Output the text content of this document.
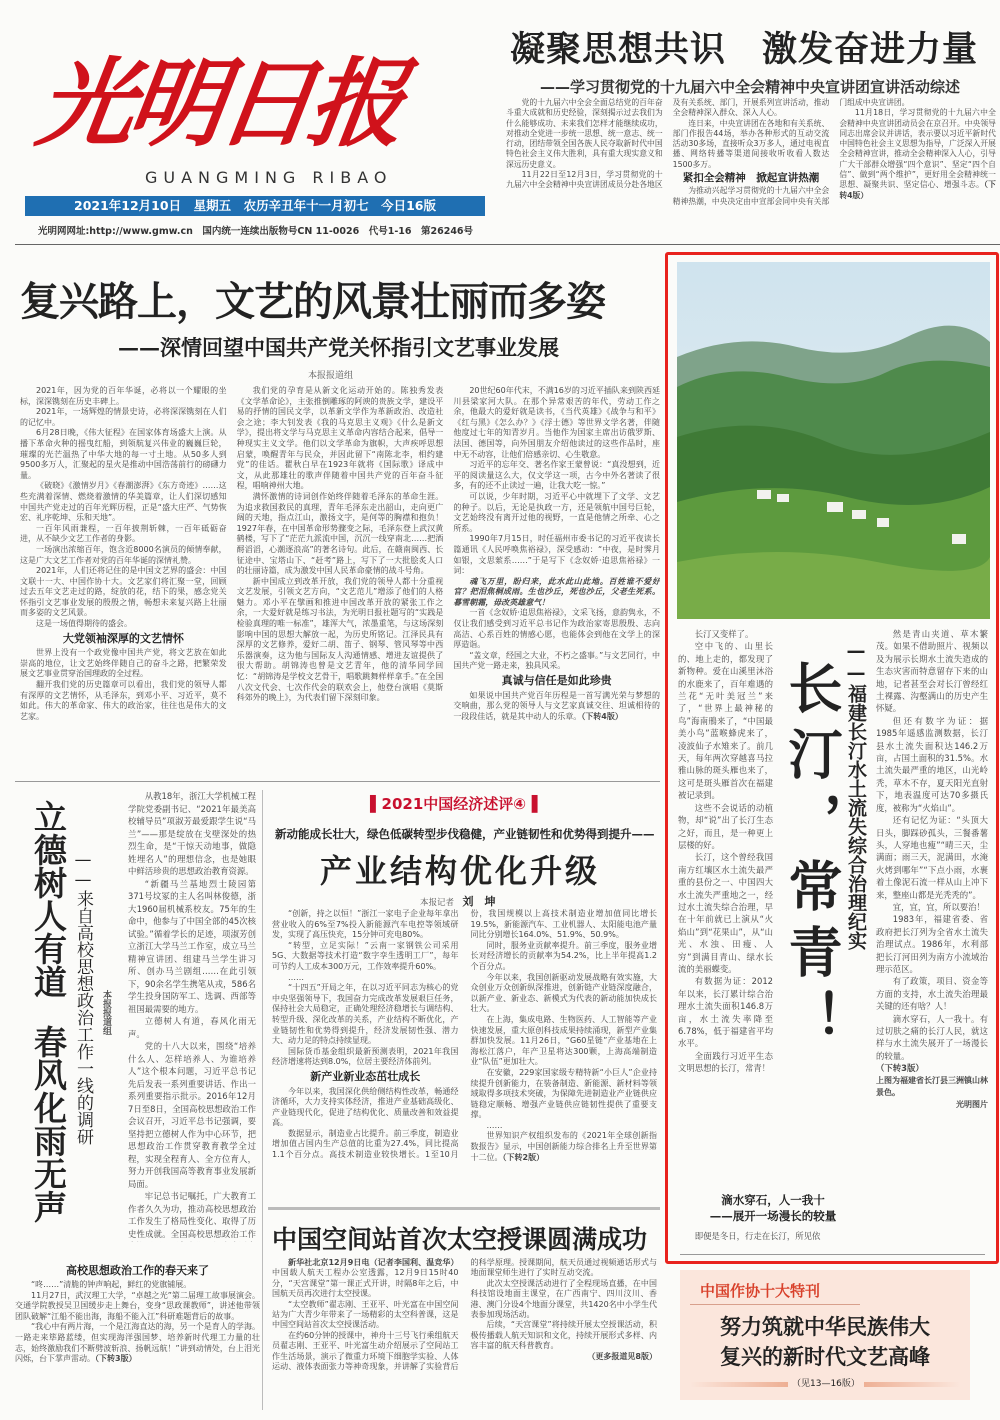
光明日报
GUANGMING RIBAO
2021年12月10日　星期五　农历辛丑年十一月初七　今日16版
光明网网址:http://www.gmw.cn　国内统一连续出版物号CN 11-0026　代号1-16　第26246号
凝聚思想共识　激发奋进力量
——学习贯彻党的十九届六中全会精神中央宣讲团宣讲活动综述

党的十九届六中全会全面总结党的百年奋斗重大成就和历史经验，深刻揭示过去我们为什么能够成功、未来我们怎样才能继续成功，对推动全党进一步统一思想、统一意志、统一行动，团结带领全国各族人民夺取新时代中国特色社会主义伟大胜利，具有重大现实意义和深远历史意义。

11月22日至12月3日，学习贯彻党的十九届六中全会精神中央宣讲团成员分赴各地区及有关系统、部门，开展系列宣讲活动，推动全会精神深入群众、深入人心。

连日来，中央宣讲团在各地和有关系统、部门作报告44场，举办各种形式的互动交流活动30多场，直接听众3万多人，通过电视直播、网络转播等渠道间接收听收看人数达1500多万。

紧扣全会精神　掀起宣讲热潮

为推动兴起学习贯彻党的十九届六中全会精神热潮，中央决定由中宣部会同中央有关部门组成中央宣讲团。

11月18日，学习贯彻党的十九届六中全会精神中央宣讲团动员会在京召开。中央领导同志出席会议并讲话，表示要以习近平新时代中国特色社会主义思想为指导，广泛深入开展全会精神宣讲，推动全会精神深入人心，引导广大干部群众增强“四个意识”、坚定“四个自信”、做到“两个维护”，更好用全会精神统一思想、凝聚共识、坚定信心、增强斗志。（下转4版）

复兴路上，文艺的风景壮丽而多姿
——深情回望中国共产党关怀指引文艺事业发展
本报报道组

2021年，因为党的百年华诞，必将以一个耀眼的坐标，深深镌刻在历史丰碑上。

2021年，一场辉煌的情景史诗，必将深深镌刻在人们的记忆中。

6月28日晚，《伟大征程》在国家体育场盛大上演。从播下革命火种的摇曳红船，到领航复兴伟业的巍巍巨轮，璀璨的光芒温热了中华大地的每一寸土地。从50多人到9500多万人，汇聚起的星火是推动中国浩荡前行的磅礴力量。

《破晓》《激情岁月》《春潮澎湃》《东方奇迹》……这些充满着深情、燃烧着激情的华美篇章，让人们深切感知中国共产党走过的百年光辉历程，正是“盛大庄严、气势恢宏、礼序乾坤、乐和天地”。

一百年风雨兼程，一百年披荆斩棘，一百年砥砺奋进，从不缺少文艺工作者的身影。

一场演出浓缩百年，饱含近8000名演员的倾情奉献，这是广大文艺工作者对党的百年华诞的深情礼赞。

2021年，人们还将记住的是中国文艺界的盛会：中国文联十一大、中国作协十大。文艺家们将汇聚一堂，回顾过去五年文艺走过的路，绽放的花，结下的果，感念党关怀指引文艺事业发展的殷殷之情，畅想未来复兴路上壮丽而多姿的文艺风景。

这是一场值得期待的盛会。

大党领袖深厚的文艺情怀

世界上没有一个政党像中国共产党，将文艺放在如此崇高的地位，让文艺始终伴随自己的奋斗之路，把繁荣发展文艺事业贯穿治国理政的全过程。

翻开我们党的历史篇章可以看出，我们党的领导人都有深厚的文艺情怀，从毛泽东，到邓小平、习近平，莫不如此。伟大的革命家、伟大的政治家，往往也是伟大的文艺家。

我们党的孕育是从新文化运动开始的。陈独秀发表《文学革命论》，主张推倒雕琢的阿谀的贵族文学，建设平易的抒情的国民文学，以革新文学作为革新政治、改造社会之途；李大钊发表《我的马克思主义观》《什么是新文学》，提出将文学与马克思主义革命内容结合起来，倡导一种现实主义文学。他们以文学革命为旗帜，大声疾呼思想启蒙，唤醒青年与民众，并因此留下“南陈北李，相约建党”的佳话。瞿秋白早在1923年就将《国际歌》译成中文，从此那雄壮的歌声伴随着中国共产党的百年奋斗征程，唱响神州大地。

满怀激情的诗词创作始终伴随着毛泽东的革命生涯。为追求救国救民的真理，青年毛泽东走出韶山，走向更广阔的天地，指点江山，激扬文字，是何等的胸襟和抱负！1927年春，在中国革命形势骤变之际，毛泽东登上武汉黄鹤楼，写下了“茫茫九派流中国，沉沉一线穿南北……把酒酹滔滔，心潮逐浪高”的著名诗句。此后，在赣南闽西、长征途中、宝塔山下、“赶考”路上，写下了一大批脍炙人口的壮丽诗篇，成为激发中国人民革命豪情的战斗号角。

新中国成立到改革开放，我们党的领导人都十分重视文艺发展，引领文艺方向，“文艺范儿”增添了他们的人格魅力。邓小平在擘画和推进中国改革开放的紧张工作之余，一大爱好就是练习书法，为光明日报社题写的“实践是检验真理的唯一标准”，雄浑大气，浓墨重笔，与这场深刻影响中国的思想大解放一起，为历史所铭记。江泽民具有深厚的文艺修养，爱好二胡、笛子、钢琴、管风琴等中西乐器演奏，这为他与国际友人沟通情感、增进友谊提供了很大帮助。胡锦涛也曾是文艺青年，他的清华同学回忆：“胡锦涛是学校文艺骨干，唱歌跳舞样样拿手。”在全国八次文代会、七次作代会的联欢会上，他登台演唱《莫斯科郊外的晚上》，为代表们留下深刻印象。

20世纪60年代末，不满16岁的习近平插队来到陕西延川县梁家河大队。在那个异常艰苦的年代，劳动工作之余，他最大的爱好就是读书，《当代英雄》《战争与和平》《红与黑》《怎么办？》《浮士德》等世界文学名著，伴随他度过七年的知青岁月。当他作为国家主席出访俄罗斯、法国、德国等，向外国朋友介绍他读过的这些作品时，座中无不动容，让他们倍感亲切、心生敬意。

习近平的忘年交、著名作家王蒙曾说：“真没想到，近平的阅读量这么大，仅文学这一项，古今中外名著读了很多，有的还不止读过一遍，让我大吃一惊。”

可以说，少年时期，习近平心中就埋下了文学、文艺的种子。以后，无论是执政一方，还是领航中国号巨轮，文艺始终没有离开过他的视野，一直是他情之所牵、心之所系。

1990年7月15日，时任福州市委书记的习近平夜读长篇通讯《人民呼唤焦裕禄》，深受感动：“中夜，是时霁月如银，文思萦系……”于是写下《念奴娇·追思焦裕禄》一词：

魂飞万里，盼归来，此水此山此地。百姓谁不爱好官？把泪焦桐成雨。生也沙丘，死也沙丘，父老生死系。暮雪朝霜，毋改英雄意气！

一首《念奴娇·追思焦裕禄》，文采飞扬，意韵隽永，不仅让我们感受到习近平总书记作为政治家寄思殷殷、志向高洁、心系百姓的情感心愿，也能体会到他在文学上的深厚造诣。

“盖文章，经国之大业，不朽之盛事。”与文艺同行，中国共产党一路走来，独具风采。

真诚与信任是如此珍贵

如果说中国共产党百年历程是一首写满光荣与梦想的交响曲，那么党的领导人与文艺家真诚交往、坦诚相待的一段段佳话，就是其中动人的乐章。（下转4版）

长汀又变样了。

空中飞的、山里长的、地上走的，都发现了新物种。爱在山溪里沐浴的水鹿来了，百年难遇的兰花“无叶美冠兰”来了，“世界上最神秘的鸟”海南鳽来了，“中国最美小鸟”蓝喉蜂虎来了，凌波仙子水雉来了。前几天，每年两次穿越喜马拉雅山脉的斑头雁也来了，这可是斑头雁首次在福建被记录到。

这些不会说话的动植物，却“说”出了长汀生态之好，而且，是一种更上层楼的好。

长汀，这个曾经我国南方红壤区水土流失最严重的县份之一、中国四大水土流失严重地之一，经过水土流失综合治理，早在十年前就已上演从“火焰山”到“花果山”，从“山光、水浊、田瘦、人穷”到满目青山、绿水长流的美丽蝶变。

有数据为证：2012年以来，长汀累计综合治理水土流失面积146.8万亩，水土流失率降至6.78%，低于福建省平均水平。

全面践行习近平生态文明思想的长汀，常青！

长汀，常青！ ——福建长汀水土流失综合治理纪实

然是青山夹道、草木繁茂。如果不借助照片、视频以及为展示长期水土流失造成的生态灾害而特意留存下来的山地，记者甚至会对长汀曾经红土裸露、沟壑满山的历史产生怀疑。

但还有数字为证：据1985年遥感监测数据，长汀县水土流失面积达146.2万亩，占国土面积的31.5%。水土流失最严重的地区，山光岭秃，草木不存，夏天阳光直射下，地表温度可达70多摄氏度，被称为“火焰山”。

还有记忆为证：“头顶大日头，脚踩砂孤头，三餐番薯头，人穿地也瘦”“晴三天，尘满面；雨三天，泥满田，水淹火烤到哪年”“下点小雨，水裹着土像泥石流一样从山上冲下来，整座山都是光秃秃的”。

宜，宜，宜，所以要治！

1983年，福建省委、省政府把长汀列为全省水土流失治理试点。1986年，水利部把长汀河田列为南方小流域治理示范区。

有了政策，项目、资金等方面的支持，水土流失治理最关键的还有啥？人！

滴水穿石，人一我十。有过切肤之痛的长汀人民，就这样与水土流失展开了一场漫长的较量。

（下转3版）
上图为福建省长汀县三洲镇山林景色。
光明图片
滴水穿石，人一我十
——展开一场漫长的较量

即便是冬日，行走在长汀，所见依

中国作协十大特刊
努力筑就中华民族伟大
复兴的新时代文艺高峰
（见13—16版）
立德树人有道
春风化雨无声 ——来自高校思想政治工作一线的调研 本报报道组

从教18年，浙江大学机械工程学院党委副书记、“2021年最美高校辅导员”项淑芳最爱跟学生说“马兰”——那是绽放在戈壁深处的热烈生命，是“干惊天动地事，做隐姓埋名人”的理想信念，也是她眼中鲜活珍贵的思想政治教育资源。

“新疆马兰基地烈士陵园第371号坟冢的主人名叫林俊德，浙大1960届机械系校友。75年的生命中，他参与了中国全部的45次核试验。”循着学长的足迹，项淑芳创立浙江大学马兰工作室，成立马兰精神宣讲团、组建马兰学生讲习所、创办马兰剧组……在此引领下，90余名学生携笔从戎，586名学生投身国防军工、选调、西部等祖国最需要的地方。

立德树人有道，春风化雨无声。

党的十八大以来，围绕“培养什么人、怎样培养人、为谁培养人”这个根本问题，习近平总书记先后发表一系列重要讲话、作出一系列重要指示批示。2016年12月7日至8日，全国高校思想政治工作会议召开，习近平总书记强调，要坚持把立德树人作为中心环节，把思想政治工作贯穿教育教学全过程，实现全程育人、全方位育人，努力开创我国高等教育事业发展新局面。

牢记总书记嘱托，广大教育工作者久久为功，推动高校思想政治工作发生了格局性变化、取得了历史性成就。全国高校思想政治工作

高校思想政治工作的春天来了

“咚……”清脆的钟声响起，鲜红的党旗铺展。

11月27日，武汉理工大学，“卓越之光”第二届理工故事展演会。交通学院教授吴卫国缓步走上舞台，变身“思政课教师”，讲述他带领团队破解“江船不能出海，海船不能入江”科研难题背后的故事。

“我心中有两片海，一个是江海直达的海，另一个是育人的学海。一路走来筚路蓝缕，但实现海洋强国梦、培养新时代理工力量的壮志，始终激励我们不断劈波斩浪、扬帆远航！”讲到动情处，台上泪光闪烁，台下掌声雷动。（下转3版）

▌2021中国经济述评④▐
新动能成长壮大，绿色低碳转型步伐稳健，产业链韧性和优势得到提升——
产业结构优化升级
本报记者　 刘　坤

“创新，持之以恒！”浙江一家电子企业每年拿出营业收入的6%至7%投入新能源汽车电控等领域研发，实现了高压快充，15分钟可充电80%。

“转型，立足实际！”云南一家钢铁公司采用5G、大数据等技术打造“数字孪生透明工厂”，每年可节约人工成本300万元，工作效率提升60%。

……

“十四五”开局之年，在以习近平同志为核心的党中央坚强领导下，我国奋力完成改革发展艰巨任务，保持社会大局稳定，正确处理经济稳增长与调结构、转型升级、深化改革的关系，产业结构不断优化，产业链韧性和优势得到提升，经济发展韧性强、潜力大、动力足的特点持续显现。

国际货币基金组织最新预测表明，2021年我国经济增速将达到8.0%，位居主要经济体前列。

新产业新业态茁壮成长

今年以来，我国深化供给侧结构性改革，畅通经济循环，大力支持实体经济，推进产业基础高级化、产业链现代化，促进了结构优化、质量改善和效益提高。

数据显示，制造业占比提升。前三季度，制造业增加值占国内生产总值的比重为27.4%，同比提高1.1个百分点。高技术制造业较快增长。1至10月份，我国规模以上高技术制造业增加值同比增长19.5%，新能源汽车、工业机器人、太阳能电池产量同比分别增长164.0%、51.9%、50.9%。

同时，服务业贡献率提升。前三季度，服务业增长对经济增长的贡献率为54.2%，比上半年提高1.2个百分点。

今年以来，我国创新驱动发展战略有效实施，大众创业万众创新纵深推进，创新链产业链深度融合，以新产业、新业态、新模式为代表的新动能加快成长壮大。

在上海，集成电路、生物医药、人工智能等产业快速发展，重大原创科技成果持续涌现，新型产业集群加快发展。11月26日，“G60星链”产业基地在上海松江落户，年产卫星将达300颗，上海高端制造业“队伍”更加壮大。

在安徽，229家国家级专精特新“小巨人”企业持续提升创新能力，在装备制造、新能源、新材料等领域取得多项技术突破，为保障先进制造业产业链供应链稳定顺畅、增强产业链供应链韧性提供了重要支撑。

……

世界知识产权组织发布的《2021年全球创新指数报告》显示，中国创新能力综合排名上升至世界第十二位。（下转2版）

中国空间站首次太空授课圆满成功

新华社北京12月9日电（记者李国利、温竞华）中国载人航天工程办公室透露，12月9日15时40分，“天宫课堂”第一课正式开讲，时隔8年之后，中国航天员再次进行太空授课。

“太空教师”翟志刚、王亚平、叶光富在中国空间站为广大青少年带来了一场精彩的太空科普课，这是中国空间站首次太空授课活动。

在约60分钟的授课中，神舟十三号飞行乘组航天员翟志刚、王亚平、叶光富生动介绍展示了空间站工作生活场景，演示了微重力环境下细胞学实验、人体运动、液体表面张力等神奇现象，并讲解了实验背后的科学原理。授课期间，航天员通过视频通话形式与地面课堂师生进行了实时互动交流。

此次太空授课活动进行了全程现场直播，在中国科技馆设地面主课堂，在广西南宁、四川汶川、香港、澳门分设4个地面分课堂，共1420名中小学生代表参加现场活动。

后续，“天宫课堂”将持续开展太空授课活动，积极传播载人航天知识和文化，持续开展形式多样、内容丰富的航天科普教育。

（更多报道见8版）
